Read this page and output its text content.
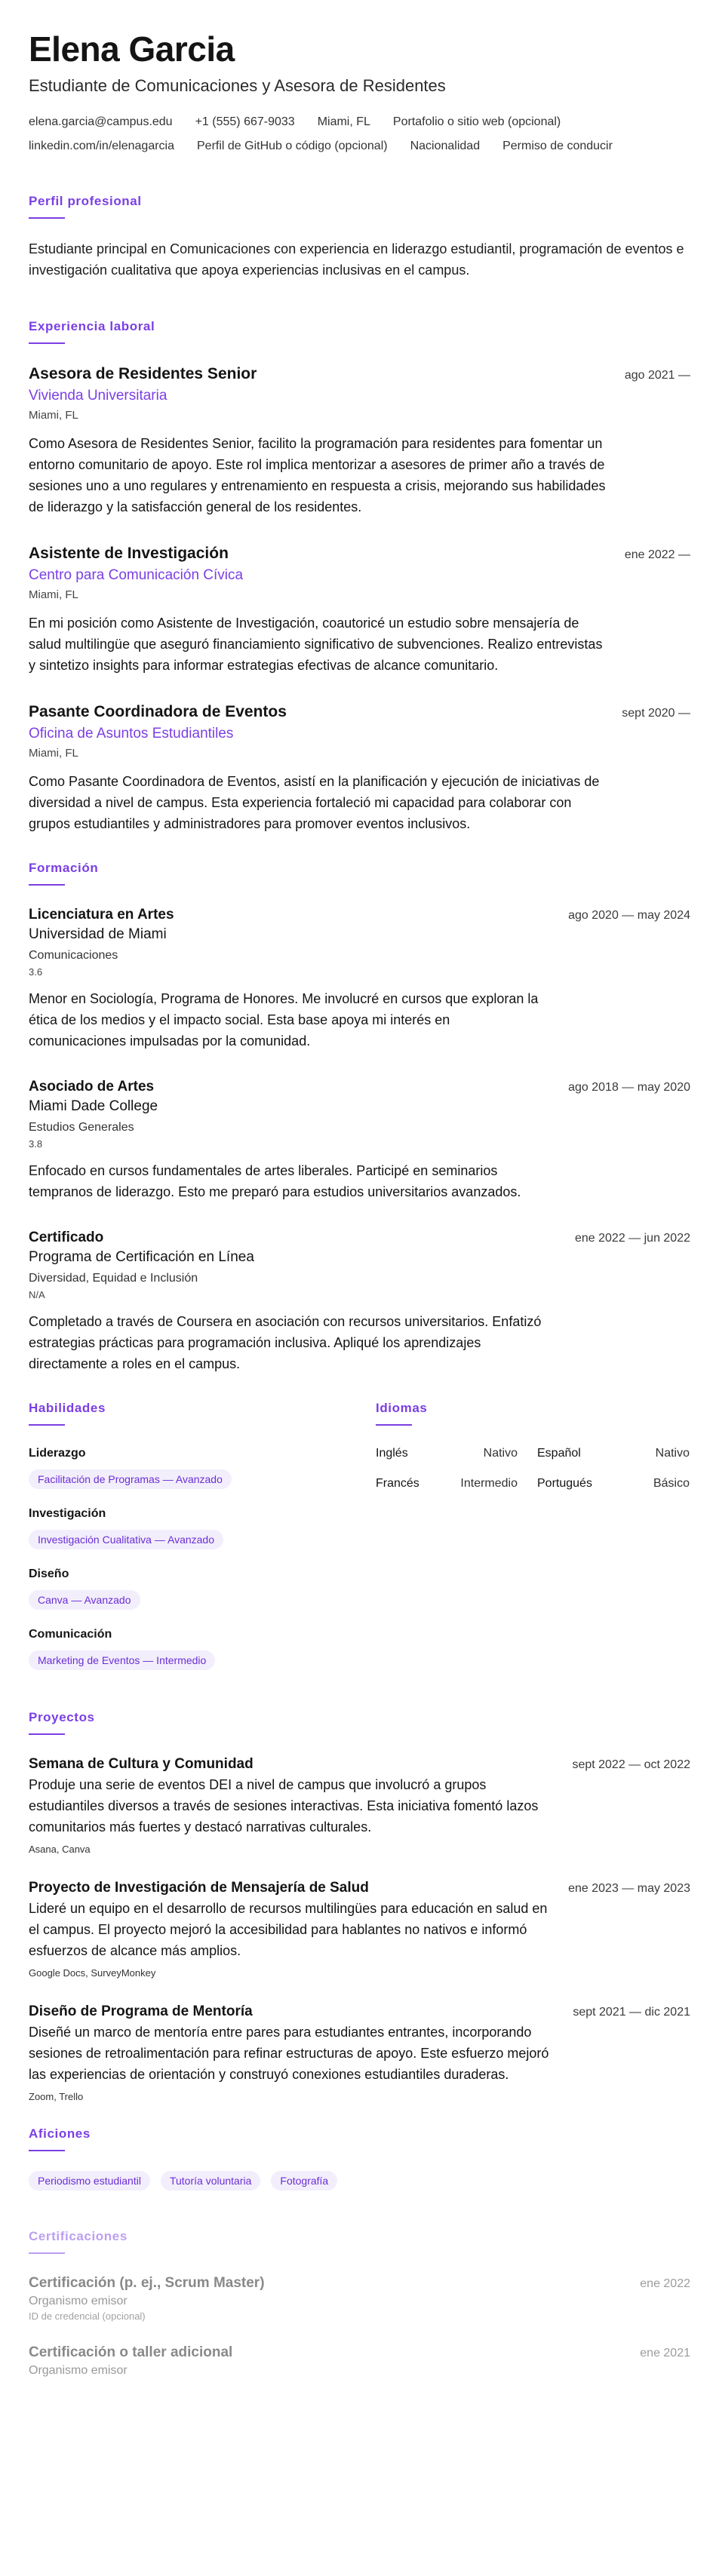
Elena Garcia
Estudiante de Comunicaciones y Asesora de Residentes
elena.garcia@campus.edu +1 (555) 667-9033 Miami, FL Portafolio o sitio web (opcional)
linkedin.com/in/elenagarcia Perfil de GitHub o código (opcional) Nacionalidad Permiso de conducir
Perfil profesional

Estudiante principal en Comunicaciones con experiencia en liderazgo estudiantil, programación de eventos e investigación cualitativa que apoya experiencias inclusivas en el campus.

Experiencia laboral
Asesora de Residentes Senior	ago 2021 —
Vivienda Universitaria
Miami, FL
Como Asesora de Residentes Senior, facilito la programación para residentes para fomentar un entorno comunitario de apoyo. Este rol implica mentorizar a asesores de primer año a través de sesiones uno a uno regulares y entrenamiento en respuesta a crisis, mejorando sus habilidades de liderazgo y la satisfacción general de los residentes.
Asistente de Investigación	ene 2022 —
Centro para Comunicación Cívica
Miami, FL
En mi posición como Asistente de Investigación, coautoricé un estudio sobre mensajería de salud multilingüe que aseguró financiamiento significativo de subvenciones. Realizo entrevistas y sintetizo insights para informar estrategias efectivas de alcance comunitario.
Pasante Coordinadora de Eventos	sept 2020 —
Oficina de Asuntos Estudiantiles
Miami, FL
Como Pasante Coordinadora de Eventos, asistí en la planificación y ejecución de iniciativas de diversidad a nivel de campus. Esta experiencia fortaleció mi capacidad para colaborar con grupos estudiantiles y administradores para promover eventos inclusivos.
Formación
Licenciatura en Artes	ago 2020 — may 2024
Universidad de Miami
Comunicaciones
3.6
Menor en Sociología, Programa de Honores. Me involucré en cursos que exploran la ética de los medios y el impacto social. Esta base apoya mi interés en comunicaciones impulsadas por la comunidad.
Asociado de Artes	ago 2018 — may 2020
Miami Dade College
Estudios Generales
3.8
Enfocado en cursos fundamentales de artes liberales. Participé en seminarios tempranos de liderazgo. Esto me preparó para estudios universitarios avanzados.
Certificado	ene 2022 — jun 2022
Programa de Certificación en Línea
Diversidad, Equidad e Inclusión
N/A
Completado a través de Coursera en asociación con recursos universitarios. Enfatizó estrategias prácticas para programación inclusiva. Apliqué los aprendizajes directamente a roles en el campus.
Habilidades
Liderazgo
Facilitación de Programas — Avanzado
Investigación
Investigación Cualitativa — Avanzado
Diseño
Canva — Avanzado
Comunicación
Marketing de Eventos — Intermedio
Idiomas
Inglés	Nativo Español	Nativo
Francés	Intermedio Portugués	Básico
Proyectos
Semana de Cultura y Comunidad	sept 2022 — oct 2022
Produje una serie de eventos DEI a nivel de campus que involucró a grupos estudiantiles diversos a través de sesiones interactivas. Esta iniciativa fomentó lazos comunitarios más fuertes y destacó narrativas culturales.
Asana, Canva
Proyecto de Investigación de Mensajería de Salud	ene 2023 — may 2023
Lideré un equipo en el desarrollo de recursos multilingües para educación en salud en el campus. El proyecto mejoró la accesibilidad para hablantes no nativos e informó esfuerzos de alcance más amplios.
Google Docs, SurveyMonkey
Diseño de Programa de Mentoría	sept 2021 — dic 2021
Diseñé un marco de mentoría entre pares para estudiantes entrantes, incorporando sesiones de retroalimentación para refinar estructuras de apoyo. Este esfuerzo mejoró las experiencias de orientación y construyó conexiones estudiantiles duraderas.
Zoom, Trello
Aficiones
Periodismo estudiantil	Tutoría voluntaria	Fotografía
Certificaciones
Certificación (p. ej., Scrum Master)	ene 2022
Organismo emisor
ID de credencial (opcional)
Certificación o taller adicional	ene 2021
Organismo emisor
